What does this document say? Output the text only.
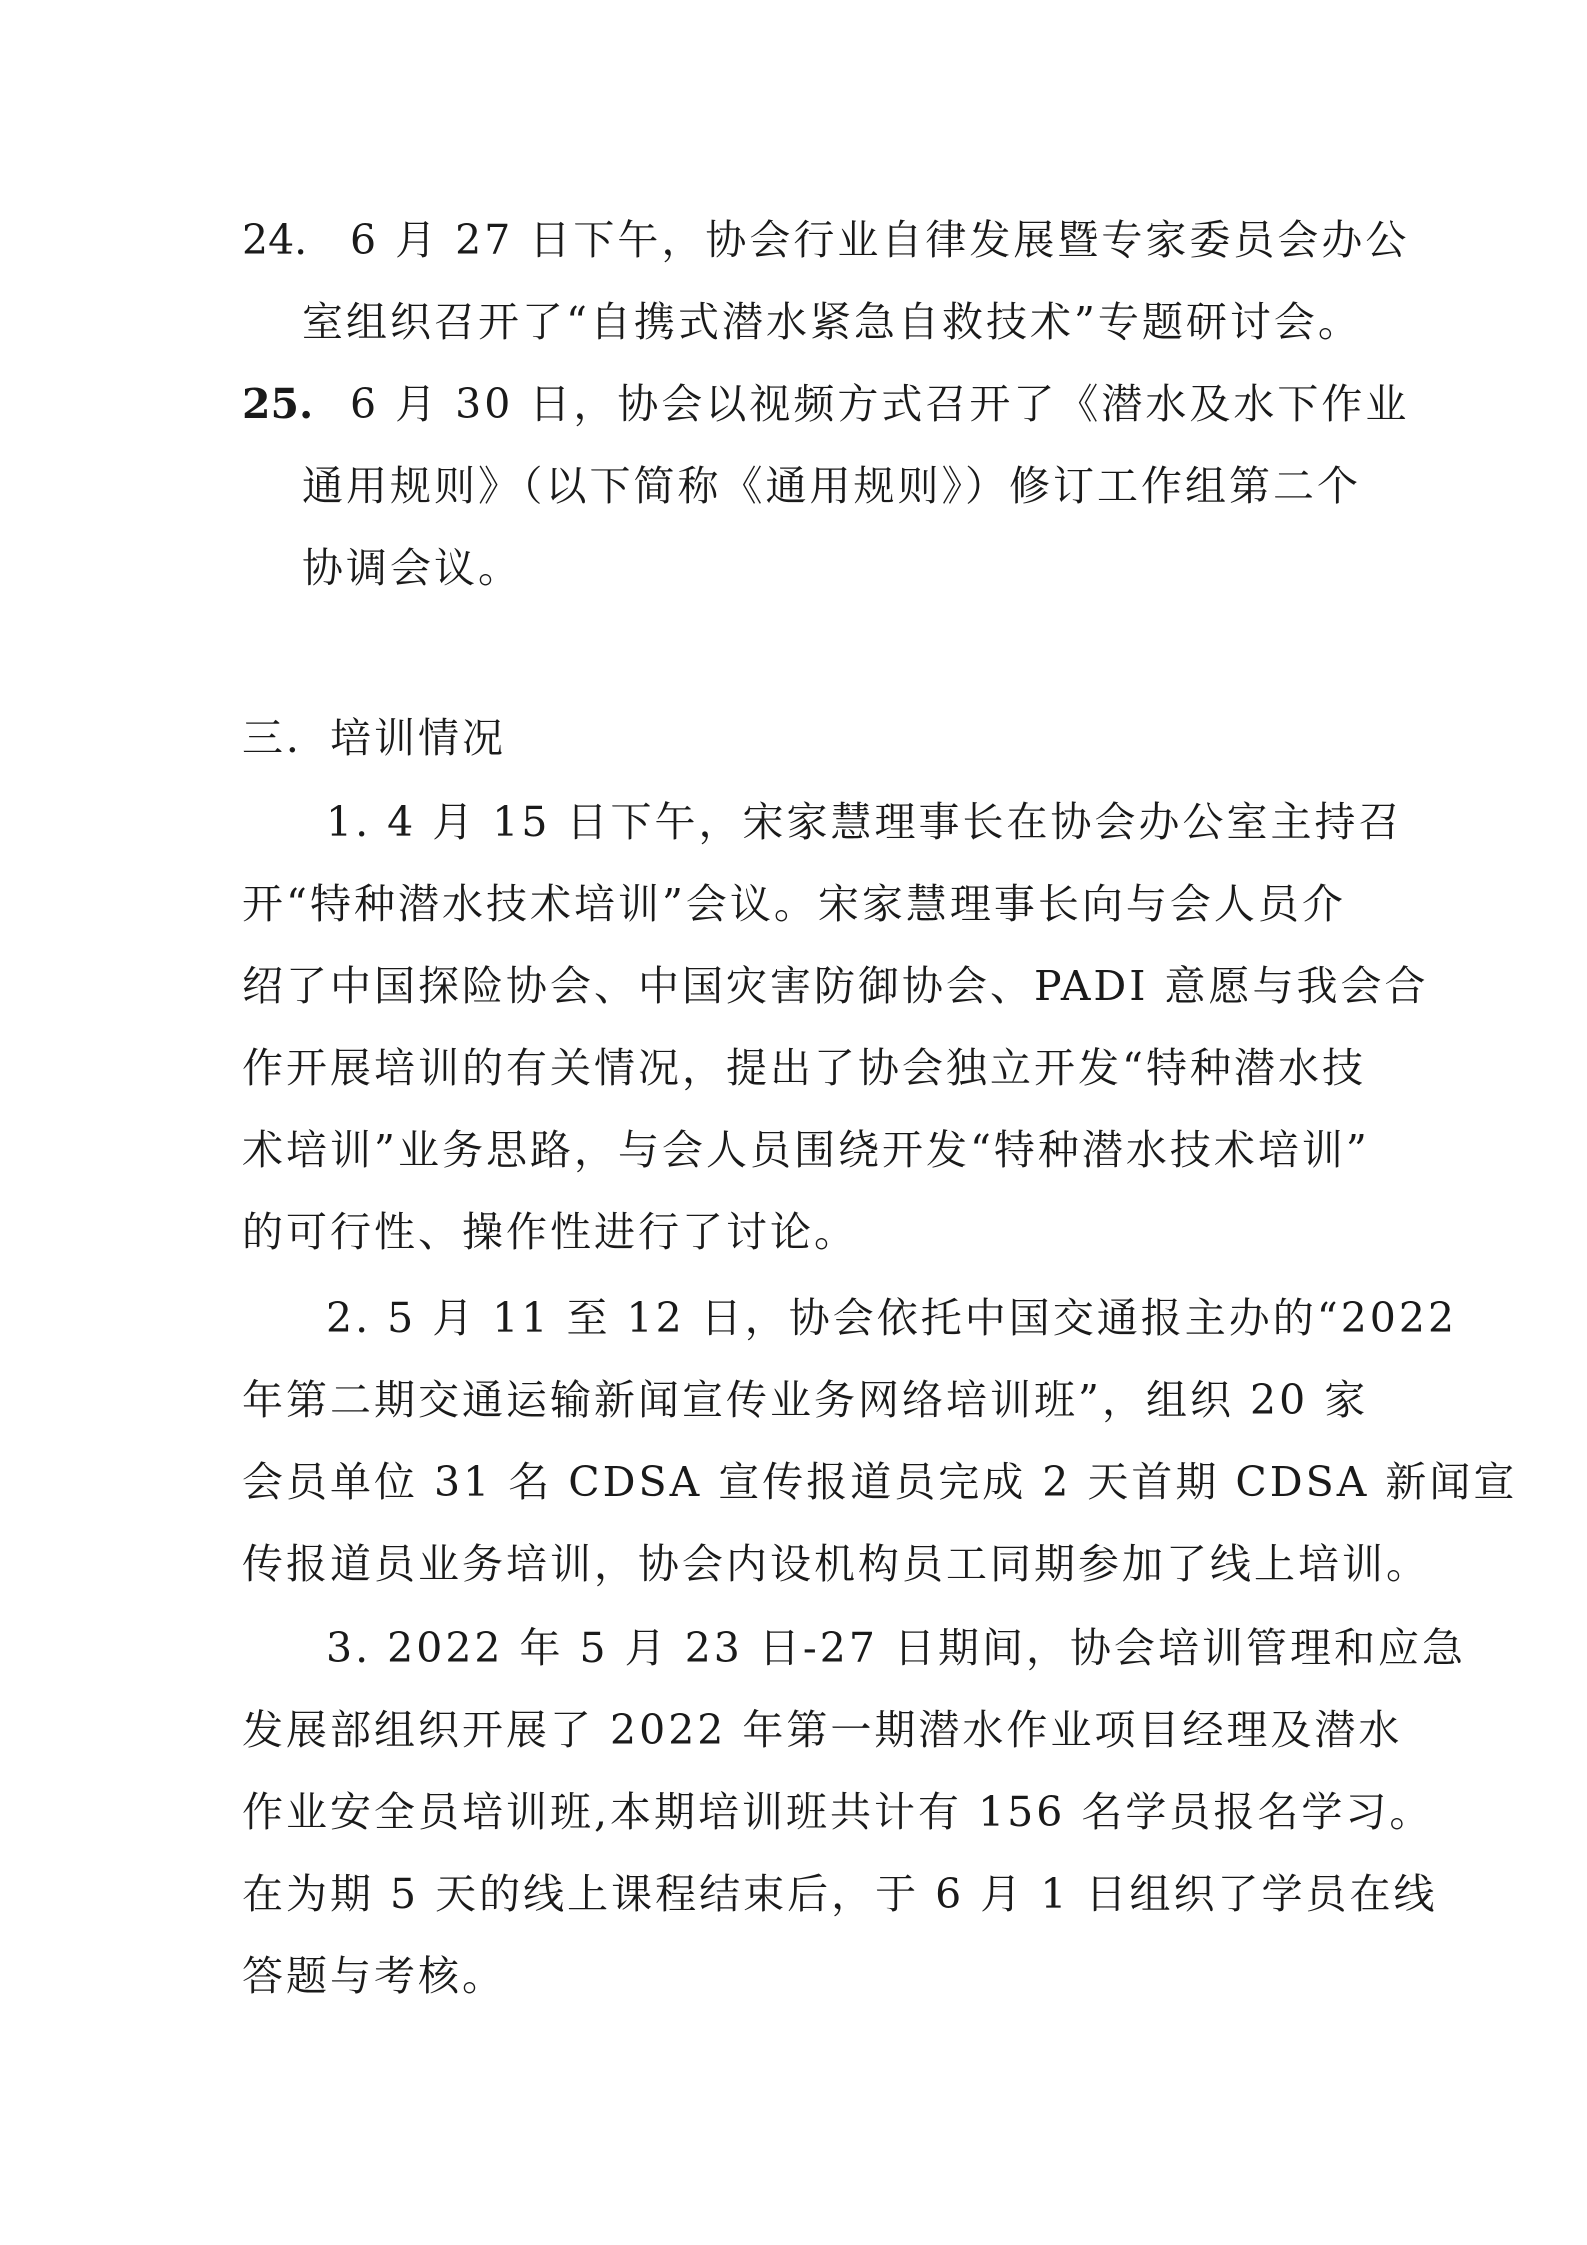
24. 6 月 27 日下午，协会行业自律发展暨专家委员会办公
室组织召开了“自携式潜水紧急自救技术”专题研讨会。
25. 6 月 30 日，协会以视频方式召开了《潜水及水下作业
通用规则》（以下简称《通用规则》）修订工作组第二个
协调会议。
三．培训情况
1. 4 月 15 日下午，宋家慧理事长在协会办公室主持召
开“特种潜水技术培训”会议。宋家慧理事长向与会人员介
绍了中国探险协会、中国灾害防御协会、PADI 意愿与我会合
作开展培训的有关情况，提出了协会独立开发“特种潜水技
术培训”业务思路，与会人员围绕开发“特种潜水技术培训”
的可行性、操作性进行了讨论。
2. 5 月 11 至 12 日，协会依托中国交通报主办的“2022
年第二期交通运输新闻宣传业务网络培训班”，组织 20 家
会员单位 31 名 CDSA 宣传报道员完成 2 天首期 CDSA 新闻宣
传报道员业务培训，协会内设机构员工同期参加了线上培训。
3. 2022 年 5 月 23 日-27 日期间，协会培训管理和应急
发展部组织开展了 2022 年第一期潜水作业项目经理及潜水
作业安全员培训班,本期培训班共计有 156 名学员报名学习。
在为期 5 天的线上课程结束后，于 6 月 1 日组织了学员在线
答题与考核。
